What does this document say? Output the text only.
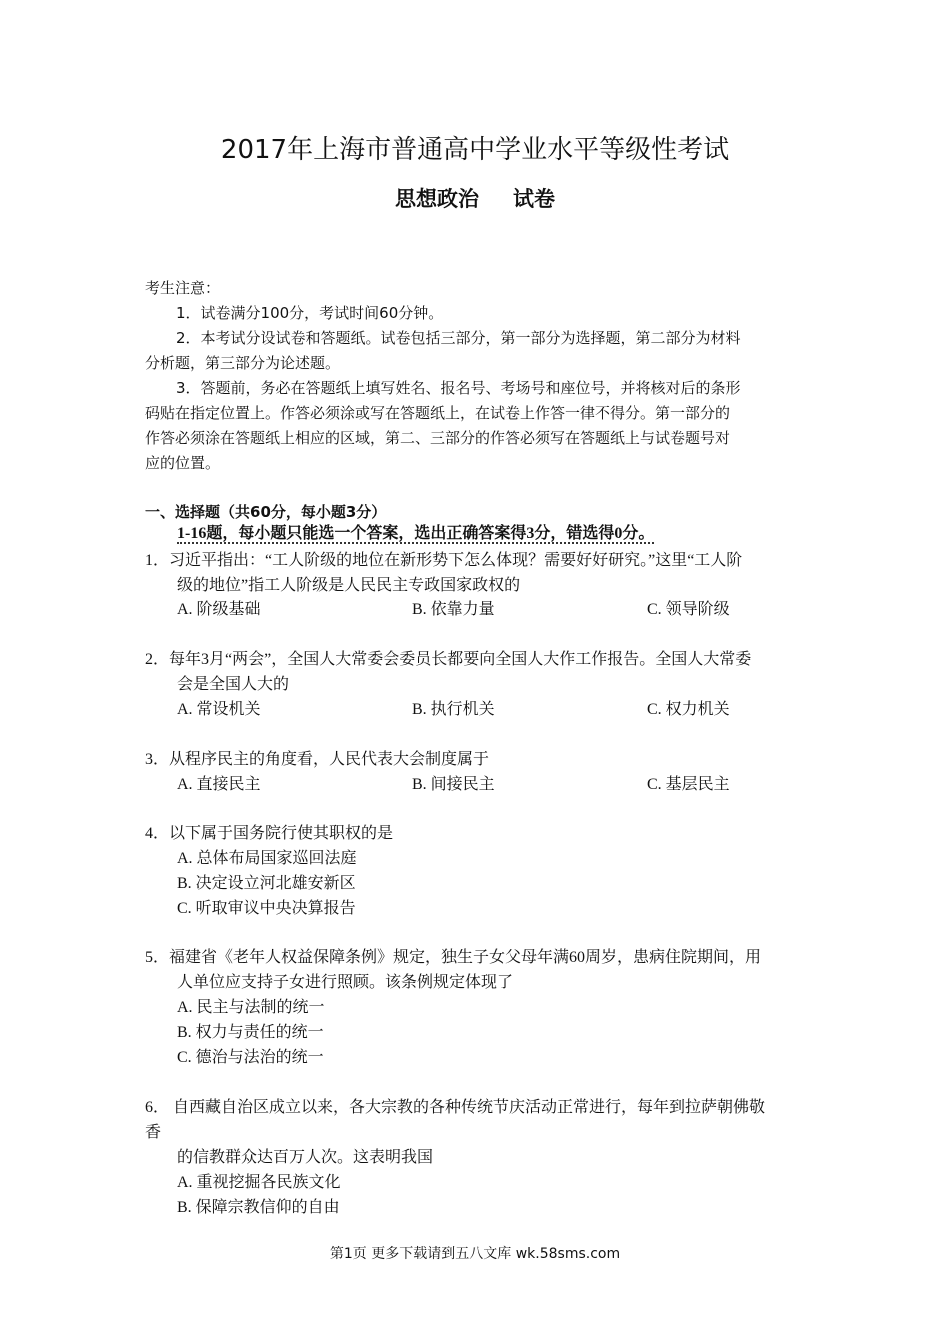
2017年上海市普通高中学业水平等级性考试
思想政治 试卷
考生注意：
1．试卷满分100分，考试时间60分钟。
2．本考试分设试卷和答题纸。试卷包括三部分，第一部分为选择题，第二部分为材料
分析题，第三部分为论述题。
3．答题前，务必在答题纸上填写姓名、报名号、考场号和座位号，并将核对后的条形
码贴在指定位置上。作答必须涂或写在答题纸上，在试卷上作答一律不得分。第一部分的
作答必须涂在答题纸上相应的区域，第二、三部分的作答必须写在答题纸上与试卷题号对
应的位置。
一、选择题（共60分，每小题3分）
1-16题，每小题只能选一个答案，选出正确答案得3分，错选得0分。
1．习近平指出：“工人阶级的地位在新形势下怎么体现？需要好好研究。”这里“工人阶
级的地位”指工人阶级是人民民主专政国家政权的
A. 阶级基础	B. 依靠力量	C. 领导阶级
2．每年3月“两会”，全国人大常委会委员长都要向全国人大作工作报告。全国人大常委
会是全国人大的
A. 常设机关	B. 执行机关	C. 权力机关
3．从程序民主的角度看，人民代表大会制度属于
A. 直接民主	B. 间接民主	C. 基层民主
4．以下属于国务院行使其职权的是
A. 总体布局国家巡回法庭
B. 决定设立河北雄安新区
C. 听取审议中央决算报告
5．福建省《老年人权益保障条例》规定，独生子女父母年满60周岁，患病住院期间，用
人单位应支持子女进行照顾。该条例规定体现了
A. 民主与法制的统一
B. 权力与责任的统一
C. 德治与法治的统一
6． 自西藏自治区成立以来，各大宗教的各种传统节庆活动正常进行，每年到拉萨朝佛敬
香
的信教群众达百万人次。这表明我国
A. 重视挖掘各民族文化
B. 保障宗教信仰的自由
第1页 更多下载请到五八文库 wk.58sms.com
